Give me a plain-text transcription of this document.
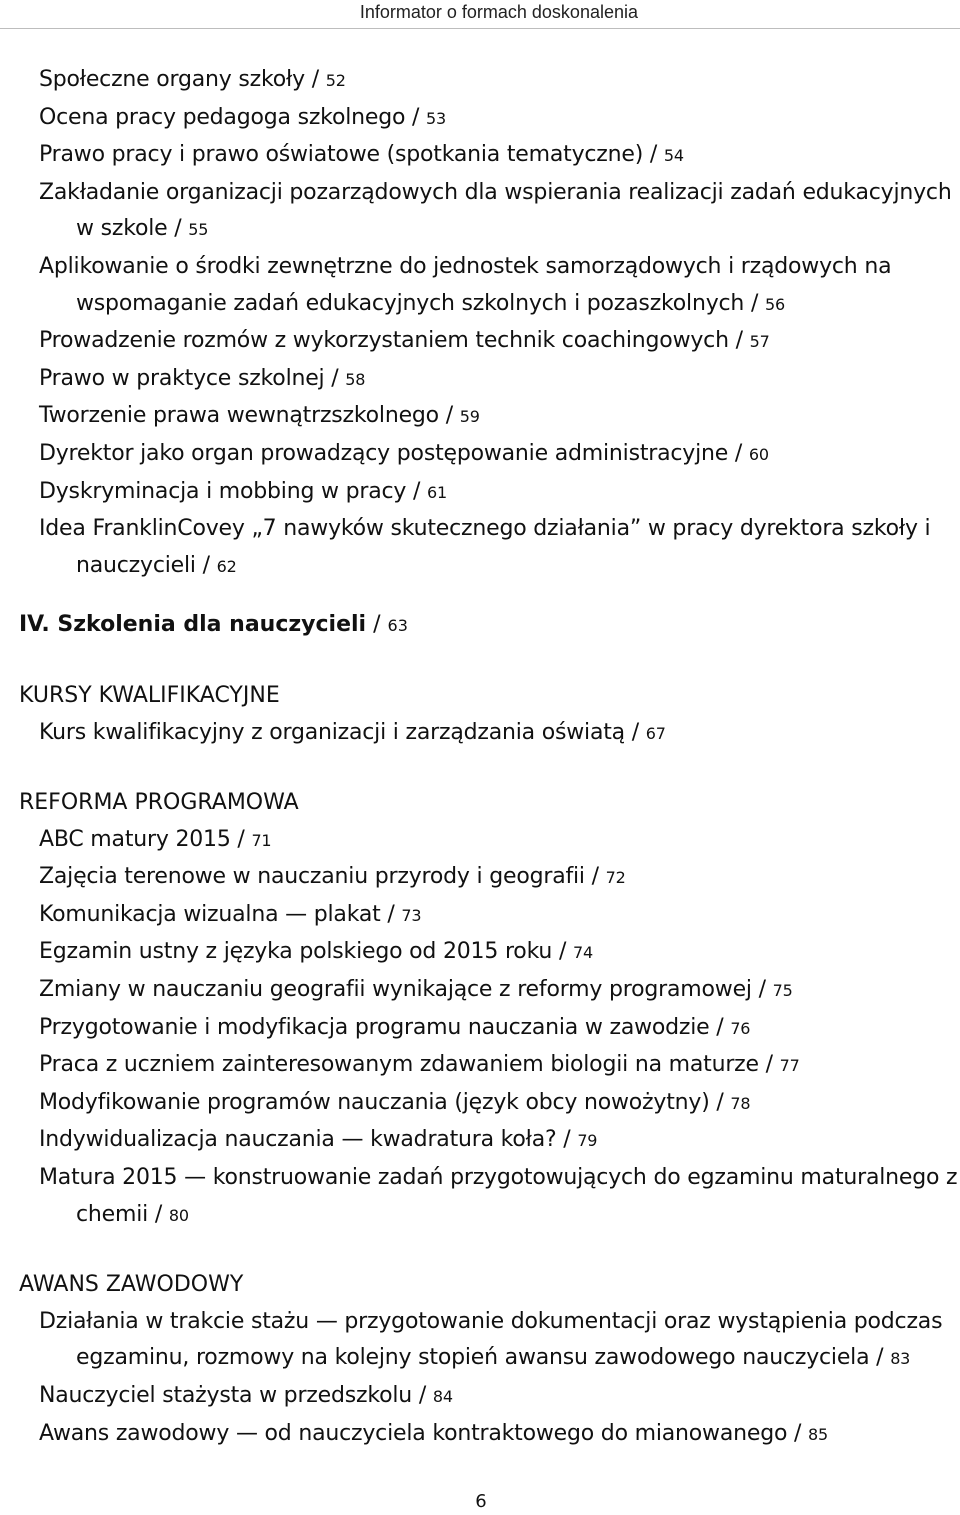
Informator o formach doskonalenia
Społeczne organy szkoły / 52
Ocena pracy pedagoga szkolnego / 53
Prawo pracy i prawo oświatowe (spotkania tematyczne) / 54
Zakładanie organizacji pozarządowych dla wspierania realizacji zadań edukacyjnych w szkole / 55
Aplikowanie o środki zewnętrzne do jednostek samorządowych i rządowych na wspomaganie zadań edukacyjnych szkolnych i pozaszkolnych / 56
Prowadzenie rozmów z wykorzystaniem technik coachingowych / 57
Prawo w praktyce szkolnej / 58
Tworzenie prawa wewnątrzszkolnego / 59
Dyrektor jako organ prowadzący postępowanie administracyjne / 60
Dyskryminacja i mobbing w pracy / 61
Idea FranklinCovey „7 nawyków skutecznego działania” w pracy dyrektora szkoły i nauczycieli / 62
IV. Szkolenia dla nauczycieli / 63
KURSY KWALIFIKACYJNE
Kurs kwalifikacyjny z organizacji i zarządzania oświatą / 67
REFORMA PROGRAMOWA
ABC matury 2015 / 71
Zajęcia terenowe w nauczaniu przyrody i geografii / 72
Komunikacja wizualna — plakat / 73
Egzamin ustny z języka polskiego od 2015 roku / 74
Zmiany w nauczaniu geografii wynikające z reformy programowej / 75
Przygotowanie i modyfikacja programu nauczania w zawodzie / 76
Praca z uczniem zainteresowanym zdawaniem biologii na maturze / 77
Modyfikowanie programów nauczania (język obcy nowożytny) / 78
Indywidualizacja nauczania — kwadratura koła? / 79
Matura 2015 — konstruowanie zadań przygotowujących do egzaminu maturalnego z chemii / 80
AWANS ZAWODOWY
Działania w trakcie stażu — przygotowanie dokumentacji oraz wystąpienia podczas egzaminu, rozmowy na kolejny stopień awansu zawodowego nauczyciela / 83
Nauczyciel stażysta w przedszkolu / 84
Awans zawodowy — od nauczyciela kontraktowego do mianowanego / 85
6
